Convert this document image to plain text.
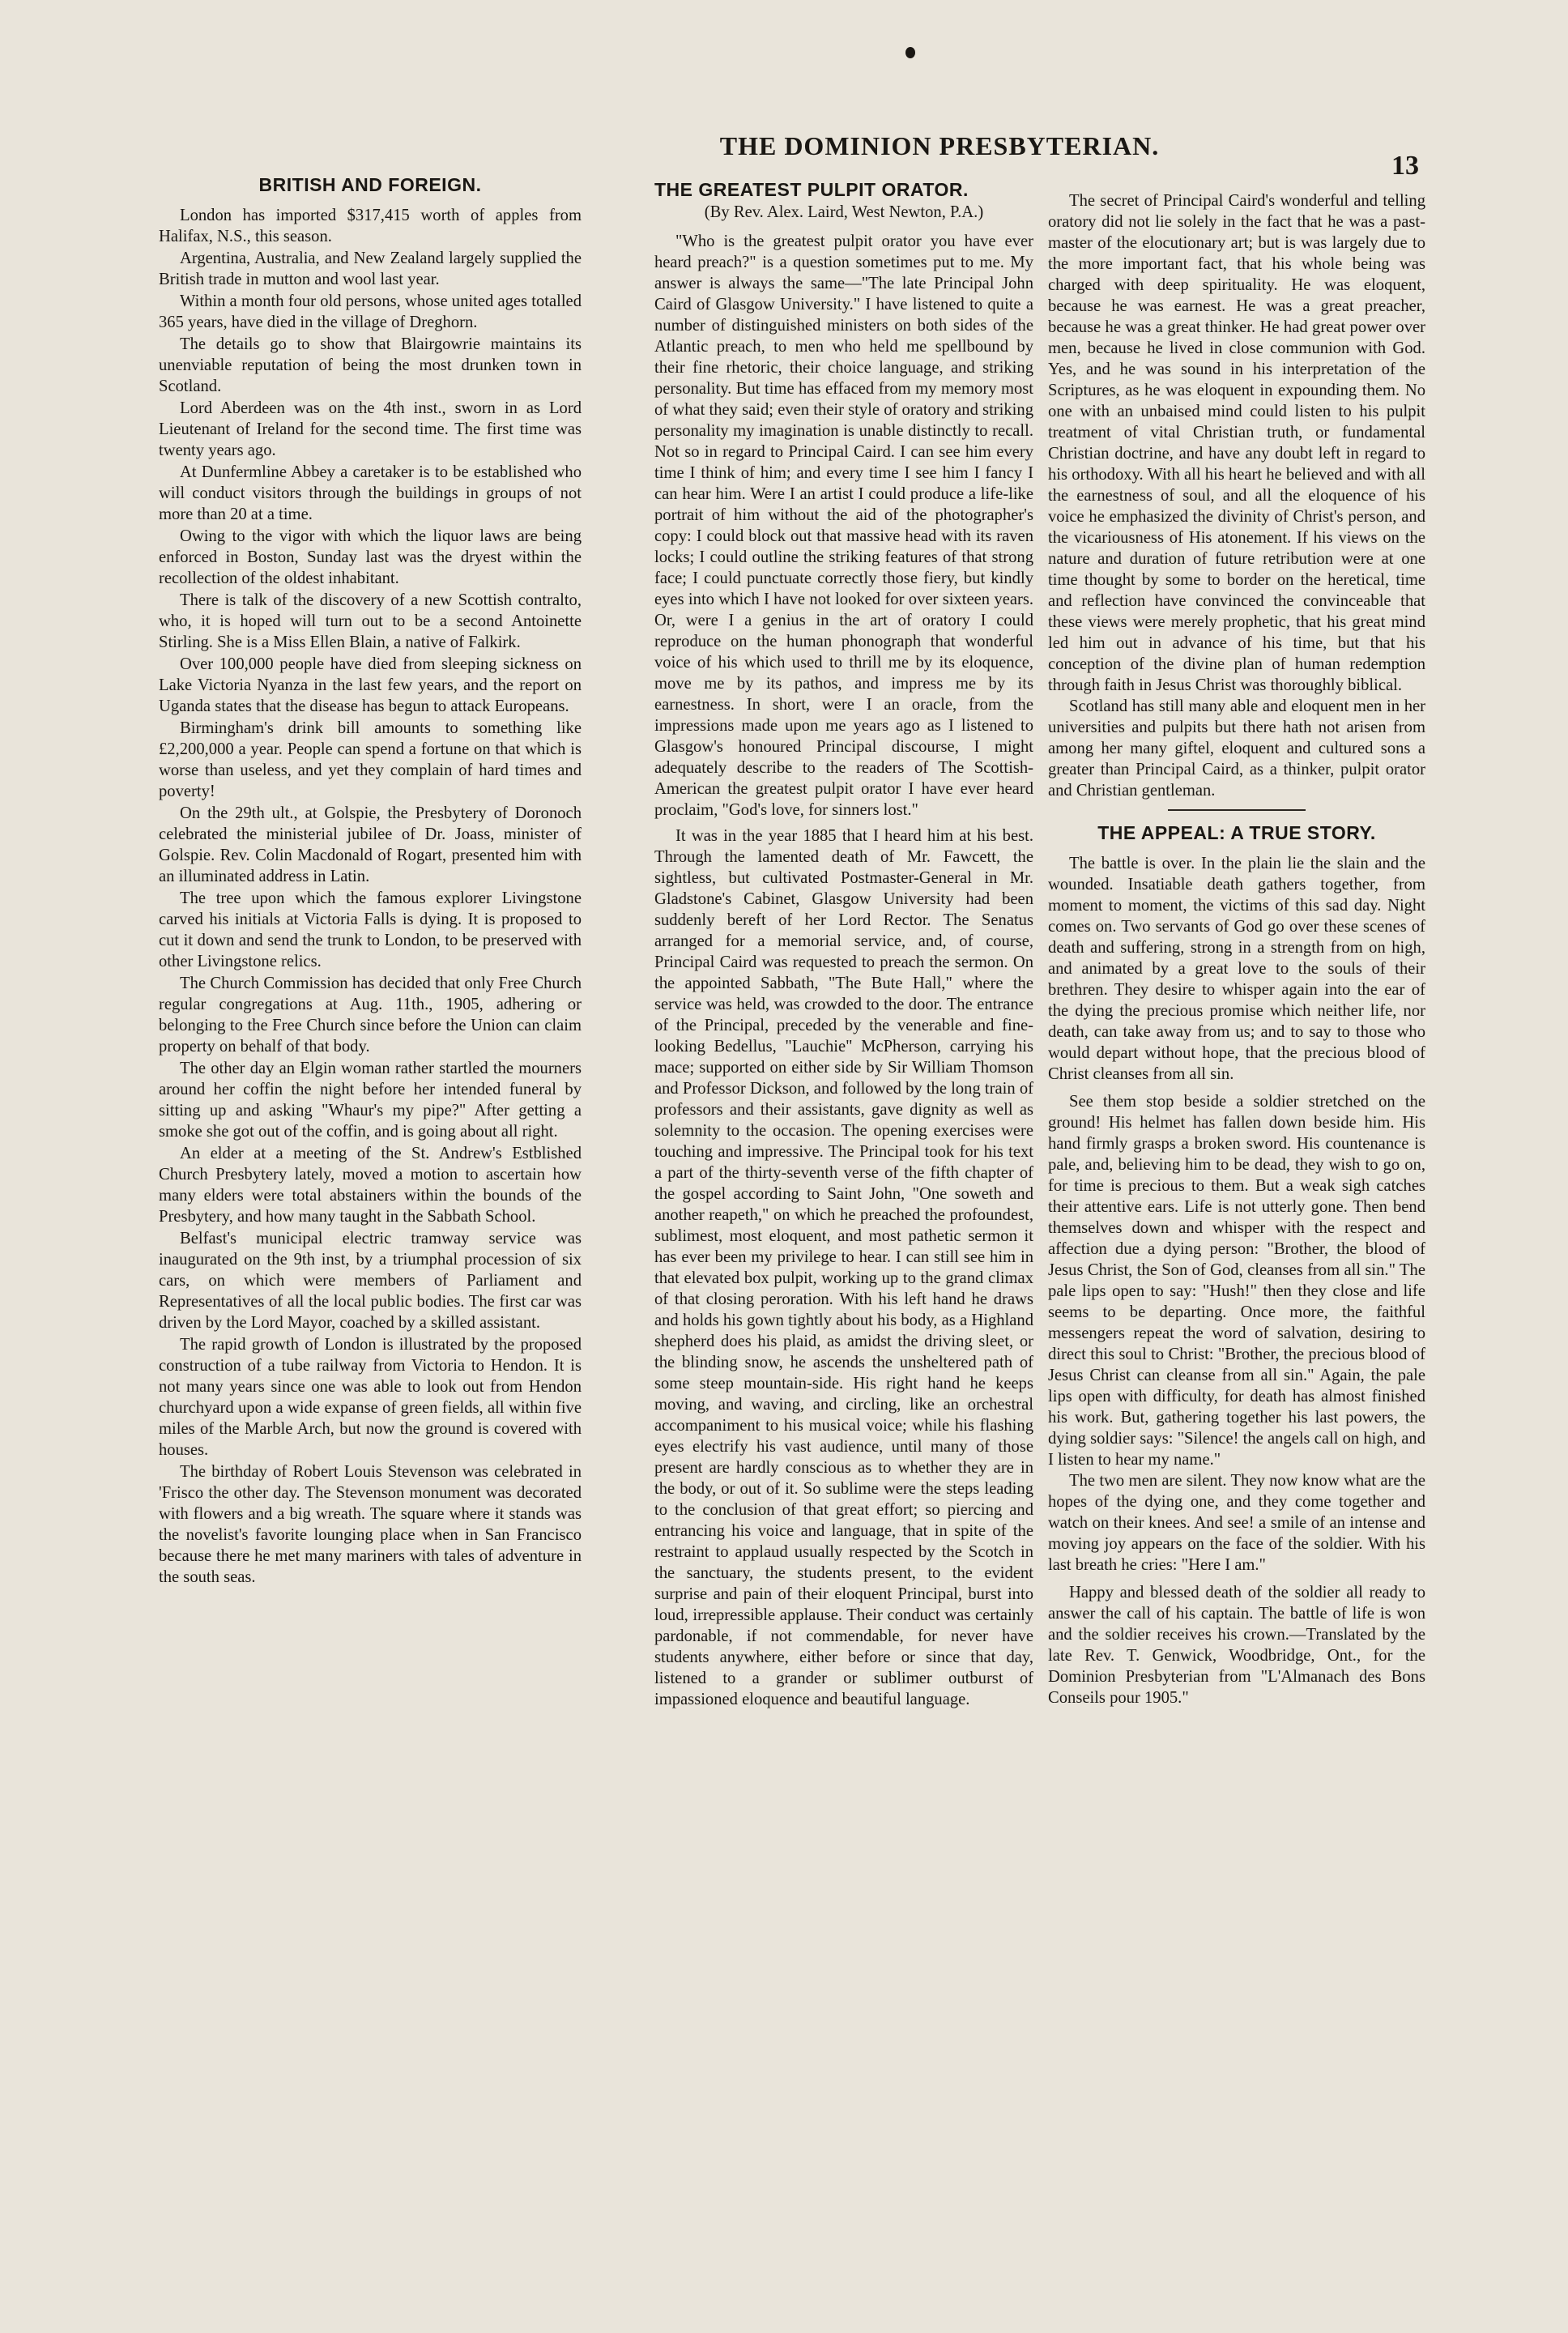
THE DOMINION PRESBYTERIAN.
13
BRITISH AND FOREIGN.

London has imported $317,415 worth of apples from Halifax, N.S., this season.

Argentina, Australia, and New Zealand largely supplied the British trade in mutton and wool last year.

Within a month four old persons, whose united ages totalled 365 years, have died in the village of Dreghorn.

The details go to show that Blairgowrie maintains its unenviable reputation of being the most drunken town in Scotland.

Lord Aberdeen was on the 4th inst., sworn in as Lord Lieutenant of Ireland for the second time. The first time was twenty years ago.

At Dunfermline Abbey a caretaker is to be established who will conduct visitors through the buildings in groups of not more than 20 at a time.

Owing to the vigor with which the liquor laws are being enforced in Boston, Sunday last was the dryest within the recollection of the oldest inhabitant.

There is talk of the discovery of a new Scottish contralto, who, it is hoped will turn out to be a second Antoinette Stirling. She is a Miss Ellen Blain, a native of Falkirk.

Over 100,000 people have died from sleeping sickness on Lake Victoria Nyanza in the last few years, and the report on Uganda states that the disease has begun to attack Europeans.

Birmingham's drink bill amounts to something like £2,200,000 a year. People can spend a fortune on that which is worse than useless, and yet they complain of hard times and poverty!

On the 29th ult., at Golspie, the Presbytery of Doronoch celebrated the ministerial jubilee of Dr. Joass, minister of Golspie. Rev. Colin Macdonald of Rogart, presented him with an illuminated address in Latin.

The tree upon which the famous explorer Livingstone carved his initials at Victoria Falls is dying. It is proposed to cut it down and send the trunk to London, to be preserved with other Livingstone relics.

The Church Commission has decided that only Free Church regular congregations at Aug. 11th., 1905, adhering or belonging to the Free Church since before the Union can claim property on behalf of that body.

The other day an Elgin woman rather startled the mourners around her coffin the night before her intended funeral by sitting up and asking "Whaur's my pipe?" After getting a smoke she got out of the coffin, and is going about all right.

An elder at a meeting of the St. Andrew's Estblished Church Presbytery lately, moved a motion to ascertain how many elders were total abstainers within the bounds of the Presbytery, and how many taught in the Sabbath School.

Belfast's municipal electric tramway service was inaugurated on the 9th inst, by a triumphal procession of six cars, on which were members of Parliament and Representatives of all the local public bodies. The first car was driven by the Lord Mayor, coached by a skilled assistant.

The rapid growth of London is illustrated by the proposed construction of a tube railway from Victoria to Hendon. It is not many years since one was able to look out from Hendon churchyard upon a wide expanse of green fields, all within five miles of the Marble Arch, but now the ground is covered with houses.

The birthday of Robert Louis Stevenson was celebrated in 'Frisco the other day. The Stevenson monument was decorated with flowers and a big wreath. The square where it stands was the novelist's favorite lounging place when in San Francisco because there he met many mariners with tales of adventure in the south seas.

THE GREATEST PULPIT ORATOR.
(By Rev. Alex. Laird, West Newton, P.A.)

"Who is the greatest pulpit orator you have ever heard preach?" is a question sometimes put to me. My answer is always the same—"The late Principal John Caird of Glasgow University." I have listened to quite a number of distinguished ministers on both sides of the Atlantic preach, to men who held me spellbound by their fine rhetoric, their choice language, and striking personality. But time has effaced from my memory most of what they said; even their style of oratory and striking personality my imagination is unable distinctly to recall. Not so in regard to Principal Caird. I can see him every time I think of him; and every time I see him I fancy I can hear him. Were I an artist I could produce a life-like portrait of him without the aid of the photographer's copy: I could block out that massive head with its raven locks; I could outline the striking features of that strong face; I could punctuate correctly those fiery, but kindly eyes into which I have not looked for over sixteen years. Or, were I a genius in the art of oratory I could reproduce on the human phonograph that wonderful voice of his which used to thrill me by its eloquence, move me by its pathos, and impress me by its earnestness. In short, were I an oracle, from the impressions made upon me years ago as I listened to Glasgow's honoured Principal discourse, I might adequately describe to the readers of The Scottish-American the greatest pulpit orator I have ever heard proclaim, "God's love, for sinners lost."

It was in the year 1885 that I heard him at his best. Through the lamented death of Mr. Fawcett, the sightless, but cultivated Postmaster-General in Mr. Gladstone's Cabinet, Glasgow University had been suddenly bereft of her Lord Rector. The Senatus arranged for a memorial service, and, of course, Principal Caird was requested to preach the sermon. On the appointed Sabbath, "The Bute Hall," where the service was held, was crowded to the door. The entrance of the Principal, preceded by the venerable and fine-looking Bedellus, "Lauchie" McPherson, carrying his mace; supported on either side by Sir William Thomson and Professor Dickson, and followed by the long train of professors and their assistants, gave dignity as well as solemnity to the occasion. The opening exercises were touching and impressive. The Principal took for his text a part of the thirty-seventh verse of the fifth chapter of the gospel according to Saint John, "One soweth and another reapeth," on which he preached the profoundest, sublimest, most eloquent, and most pathetic sermon it has ever been my privilege to hear. I can still see him in that elevated box pulpit, working up to the grand climax of that closing peroration. With his left hand he draws and holds his gown tightly about his body, as a Highland shepherd does his plaid, as amidst the driving sleet, or the blinding snow, he ascends the unsheltered path of some steep mountain-side. His right hand he keeps moving, and waving, and circling, like an orchestral accompaniment to his musical voice; while his flashing eyes electrify his vast audience, until many of those present are hardly conscious as to whether they are in the body, or out of it. So sublime were the steps leading to the conclusion of that great effort; so piercing and entrancing his voice and language, that in spite of the restraint to applaud usually respected by the Scotch in the sanctuary, the students present, to the evident surprise and pain of their eloquent Principal, burst into loud, irrepressible applause. Their conduct was certainly pardonable, if not commendable, for never have students anywhere, either before or since that day, listened to a grander or sublimer outburst of impassioned eloquence and beautiful language.

The secret of Principal Caird's wonderful and telling oratory did not lie solely in the fact that he was a past-master of the elocutionary art; but is was largely due to the more important fact, that his whole being was charged with deep spirituality. He was eloquent, because he was earnest. He was a great preacher, because he was a great thinker. He had great power over men, because he lived in close communion with God. Yes, and he was sound in his interpretation of the Scriptures, as he was eloquent in expounding them. No one with an unbaised mind could listen to his pulpit treatment of vital Christian truth, or fundamental Christian doctrine, and have any doubt left in regard to his orthodoxy. With all his heart he believed and with all the earnestness of soul, and all the eloquence of his voice he emphasized the divinity of Christ's person, and the vicariousness of His atonement. If his views on the nature and duration of future retribution were at one time thought by some to border on the heretical, time and reflection have convinced the convinceable that these views were merely prophetic, that his great mind led him out in advance of his time, but that his conception of the divine plan of human redemption through faith in Jesus Christ was thoroughly biblical.

Scotland has still many able and eloquent men in her universities and pulpits but there hath not arisen from among her many giftel, eloquent and cultured sons a greater than Principal Caird, as a thinker, pulpit orator and Christian gentleman.

THE APPEAL: A TRUE STORY.

The battle is over. In the plain lie the slain and the wounded. Insatiable death gathers together, from moment to moment, the victims of this sad day. Night comes on. Two servants of God go over these scenes of death and suffering, strong in a strength from on high, and animated by a great love to the souls of their brethren. They desire to whisper again into the ear of the dying the precious promise which neither life, nor death, can take away from us; and to say to those who would depart without hope, that the precious blood of Christ cleanses from all sin.

See them stop beside a soldier stretched on the ground! His helmet has fallen down beside him. His hand firmly grasps a broken sword. His countenance is pale, and, believing him to be dead, they wish to go on, for time is precious to them. But a weak sigh catches their attentive ears. Life is not utterly gone. Then bend themselves down and whisper with the respect and affection due a dying person: "Brother, the blood of Jesus Christ, the Son of God, cleanses from all sin." The pale lips open to say: "Hush!" then they close and life seems to be departing. Once more, the faithful messengers repeat the word of salvation, desiring to direct this soul to Christ: "Brother, the precious blood of Jesus Christ can cleanse from all sin." Again, the pale lips open with difficulty, for death has almost finished his work. But, gathering together his last powers, the dying soldier says: "Silence! the angels call on high, and I listen to hear my name."

The two men are silent. They now know what are the hopes of the dying one, and they come together and watch on their knees. And see! a smile of an intense and moving joy appears on the face of the soldier. With his last breath he cries: "Here I am."

Happy and blessed death of the soldier all ready to answer the call of his captain. The battle of life is won and the soldier receives his crown.—Translated by the late Rev. T. Genwick, Woodbridge, Ont., for the Dominion Presbyterian from "L'Almanach des Bons Conseils pour 1905."
